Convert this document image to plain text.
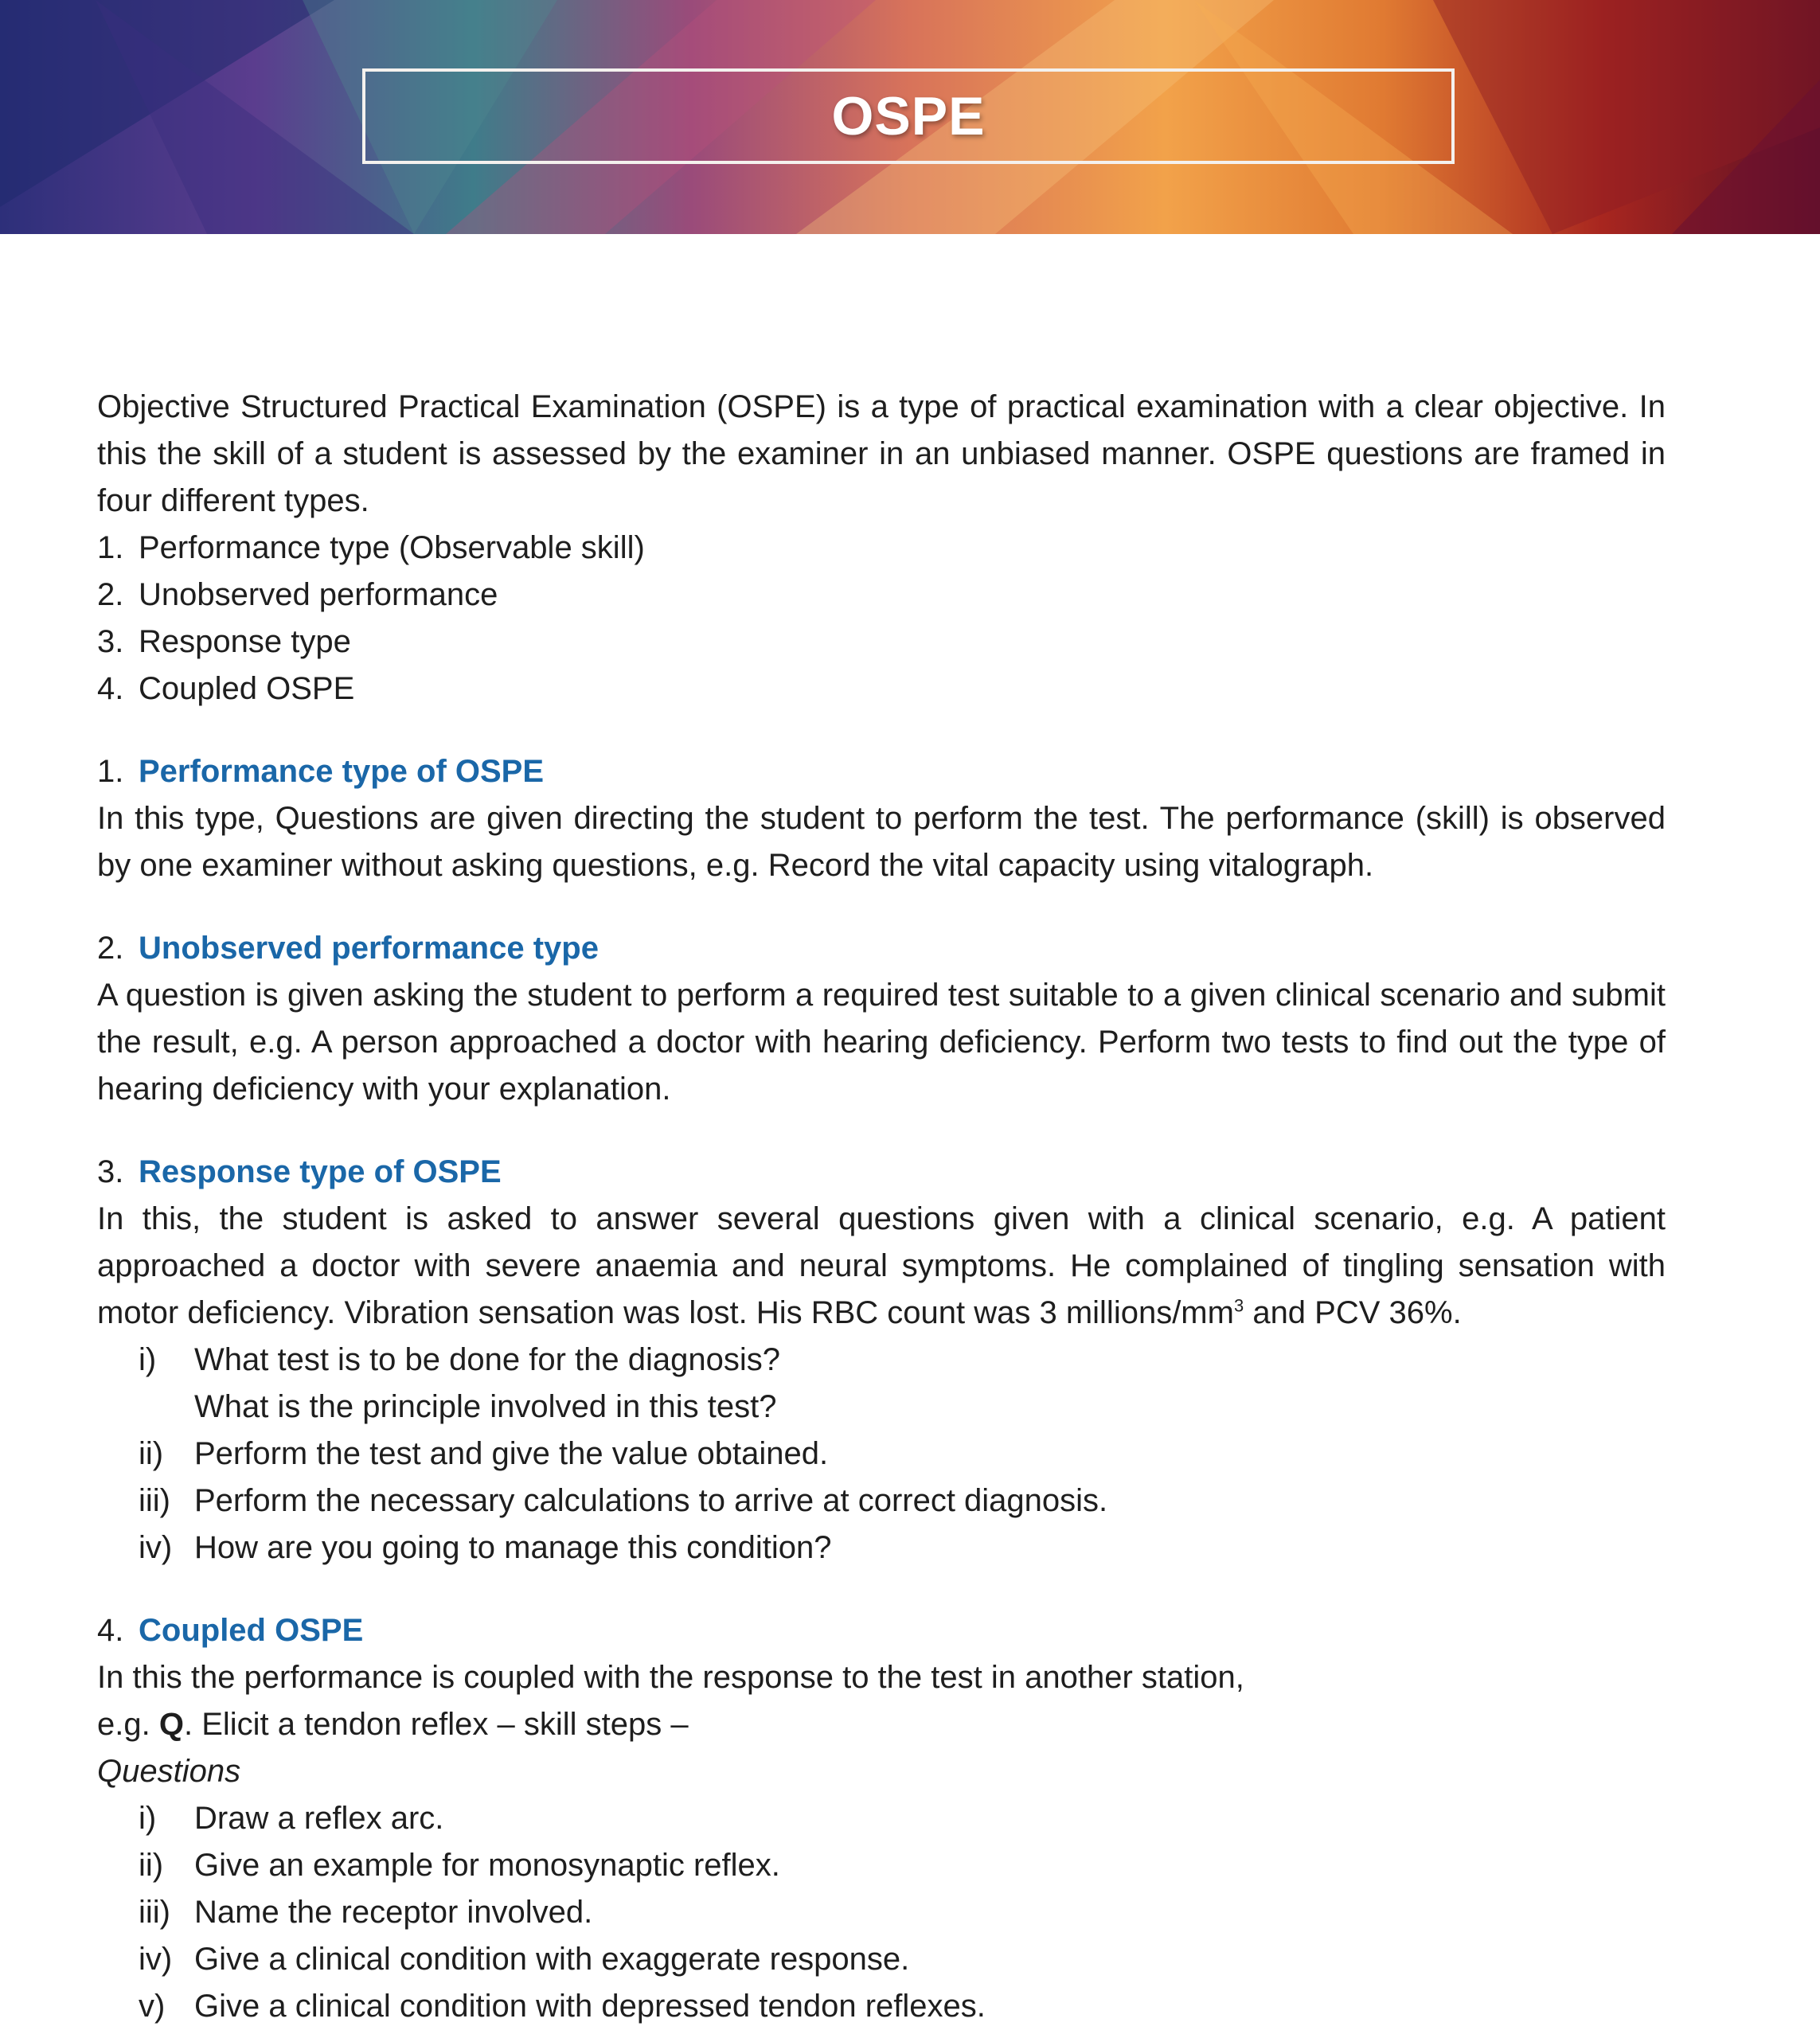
OSPE

Objective Structured Practical Examination (OSPE) is a type of practical examination with a clear objective. In this the skill of a student is assessed by the examiner in an unbiased manner. OSPE questions are framed in four different types.

1. Performance type (Observable skill)
2. Unobserved performance
3. Response type
4. Coupled OSPE
1. Performance type of OSPE

In this type, Questions are given directing the student to perform the test. The performance (skill) is observed by one examiner without asking questions, e.g. Record the vital capacity using vitalograph.

2. Unobserved performance type

A question is given asking the student to perform a required test suitable to a given clinical scenario and submit the result, e.g. A person approached a doctor with hearing deficiency. Perform two tests to find out the type of hearing deficiency with your explanation.

3. Response type of OSPE

In this, the student is asked to answer several questions given with a clinical scenario, e.g. A patient approached a doctor with severe anaemia and neural symptoms. He complained of tingling sensation with motor deficiency. Vibration sensation was lost. His RBC count was 3 millions/$mm^3$ and PCV 36%.

i)	What test is to be done for the diagnosis?
What is the principle involved in this test?
ii) Perform the test and give the value obtained.
iii) Perform the necessary calculations to arrive at correct diagnosis.
iv) How are you going to manage this condition?
4. Coupled OSPE

In this the performance is coupled with the response to the test in another station,

e.g. Q. Elicit a tendon reflex – skill steps –

Questions

i)	Draw a reflex arc.
ii) Give an example for monosynaptic reflex.
iii) Name the receptor involved.
iv) Give a clinical condition with exaggerate response.
v) Give a clinical condition with depressed tendon reflexes.
